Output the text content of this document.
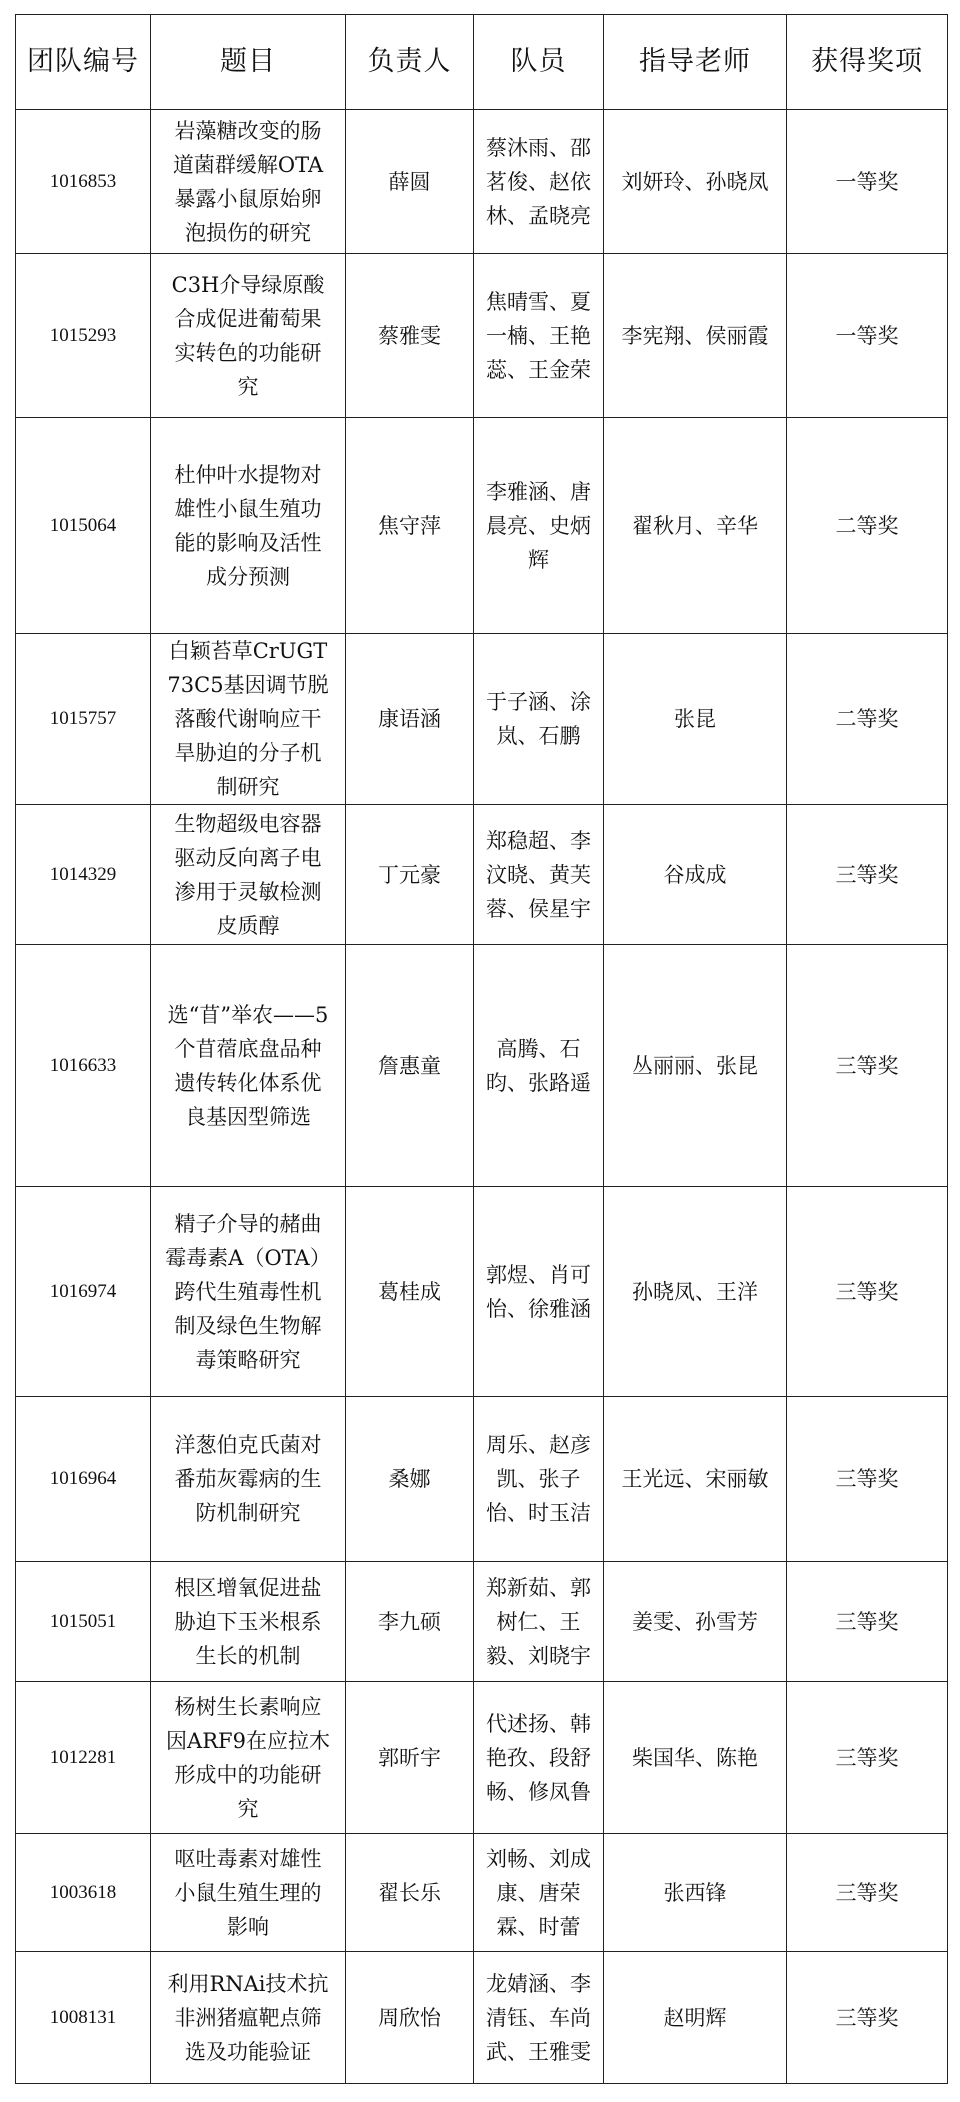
团队编号	题目	负责人	队员	指导老师	获得奖项
1016853	岩藻糖改变的肠道菌群缓解OTA暴露小鼠原始卵泡损伤的研究	薛圆	蔡沐雨、邵茗俊、赵依林、孟晓亮	刘妍玲、孙晓凤	一等奖
1015293	C3H介导绿原酸合成促进葡萄果实转色的功能研究	蔡雅雯	焦晴雪、夏一楠、王艳蕊、王金荣	李宪翔、侯丽霞	一等奖
1015064	杜仲叶水提物对雄性小鼠生殖功能的影响及活性成分预测	焦守萍	李雅涵、唐晨亮、史炳辉	翟秋月、辛华	二等奖
1015757	白颖苔草CrUGT73C5基因调节脱落酸代谢响应干旱胁迫的分子机制研究	康语涵	于子涵、涂岚、石鹏	张昆	二等奖
1014329	生物超级电容器驱动反向离子电渗用于灵敏检测皮质醇	丁元豪	郑稳超、李汶晓、黄芙蓉、侯星宇	谷成成	三等奖
1016633	选“苜”举农——5个苜蓿底盘品种遗传转化体系优良基因型筛选	詹惠童	高腾、石昀、张路遥	丛丽丽、张昆	三等奖
1016974	精子介导的赭曲霉毒素A（OTA）跨代生殖毒性机制及绿色生物解毒策略研究	葛桂成	郭煜、肖可怡、徐雅涵	孙晓凤、王洋	三等奖
1016964	洋葱伯克氏菌对番茄灰霉病的生防机制研究	桑娜	周乐、赵彦凯、张子怡、时玉洁	王光远、宋丽敏	三等奖
1015051	根区增氧促进盐胁迫下玉米根系生长的机制	李九硕	郑新茹、郭树仁、王毅、刘晓宇	姜雯、孙雪芳	三等奖
1012281	杨树生长素响应因ARF9在应拉木形成中的功能研究	郭昕宇	代述扬、韩艳孜、段舒畅、修凤鲁	柴国华、陈艳	三等奖
1003618	呕吐毒素对雄性小鼠生殖生理的影响	翟长乐	刘畅、刘成康、唐荣霖、时蕾	张西锋	三等奖
1008131	利用RNAi技术抗非洲猪瘟靶点筛选及功能验证	周欣怡	龙婧涵、李清钰、车尚武、王雅雯	赵明辉	三等奖
